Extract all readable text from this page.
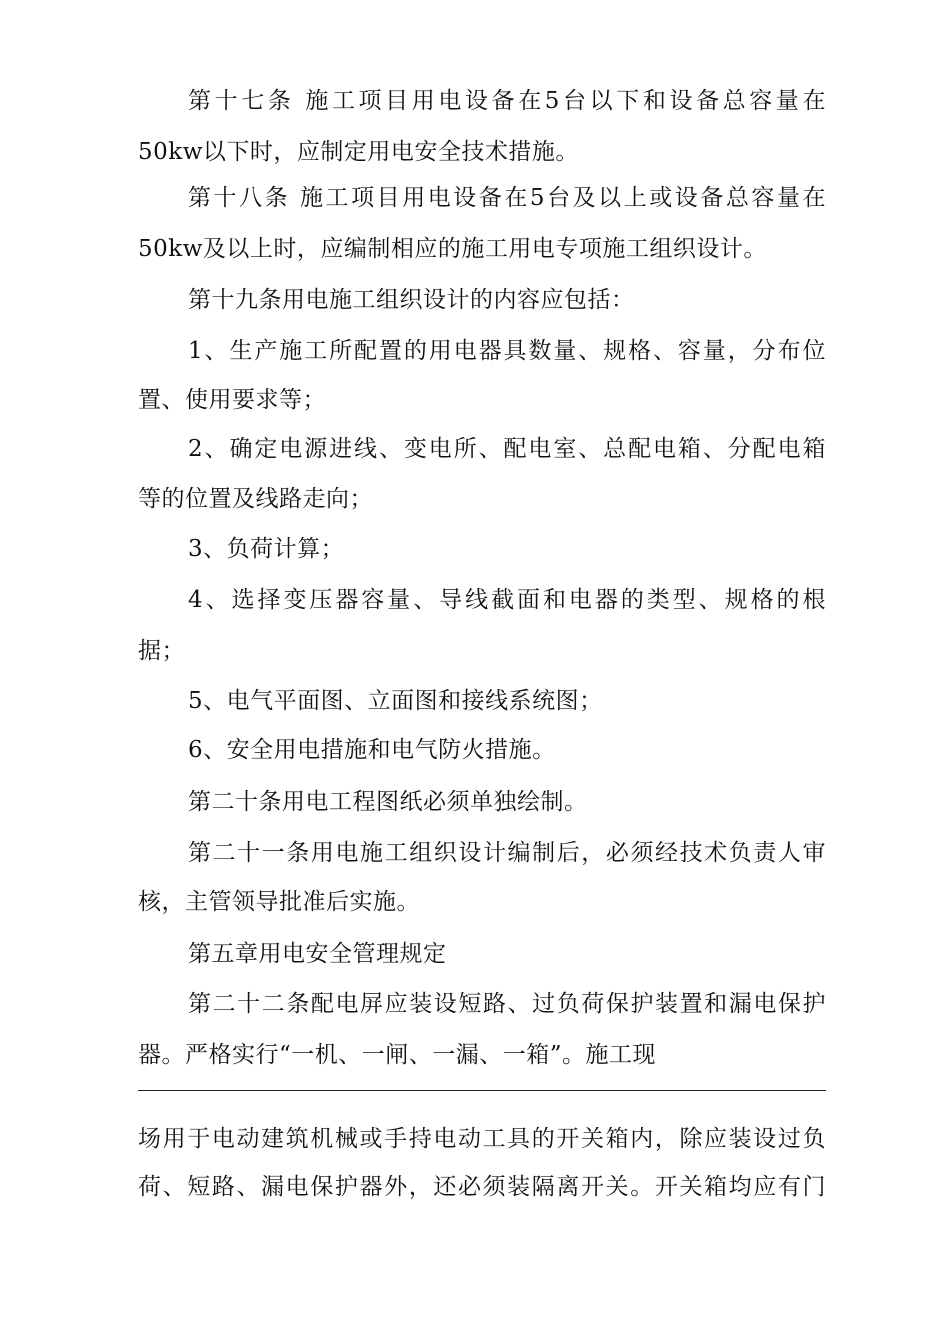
第十七条 施工项目用电设备在5台以下和设备总容量在
50kw以下时，应制定用电安全技术措施。
第十八条 施工项目用电设备在5台及以上或设备总容量在
50kw及以上时，应编制相应的施工用电专项施工组织设计。
第十九条用电施工组织设计的内容应包括：
1、生产施工所配置的用电器具数量、规格、容量，分布位
置、使用要求等；
2、确定电源进线、变电所、配电室、总配电箱、分配电箱
等的位置及线路走向；
3、负荷计算；
4、选择变压器容量、导线截面和电器的类型、规格的根
据；
5、电气平面图、立面图和接线系统图；
6、安全用电措施和电气防火措施。
第二十条用电工程图纸必须单独绘制。
第二十一条用电施工组织设计编制后，必须经技术负责人审
核，主管领导批准后实施。
第五章用电安全管理规定
第二十二条配电屏应装设短路、过负荷保护装置和漏电保护
器。严格实行“一机、一闸、一漏、一箱”。施工现
场用于电动建筑机械或手持电动工具的开关箱内，除应装设过负
荷、短路、漏电保护器外，还必须装隔离开关。开关箱均应有门
